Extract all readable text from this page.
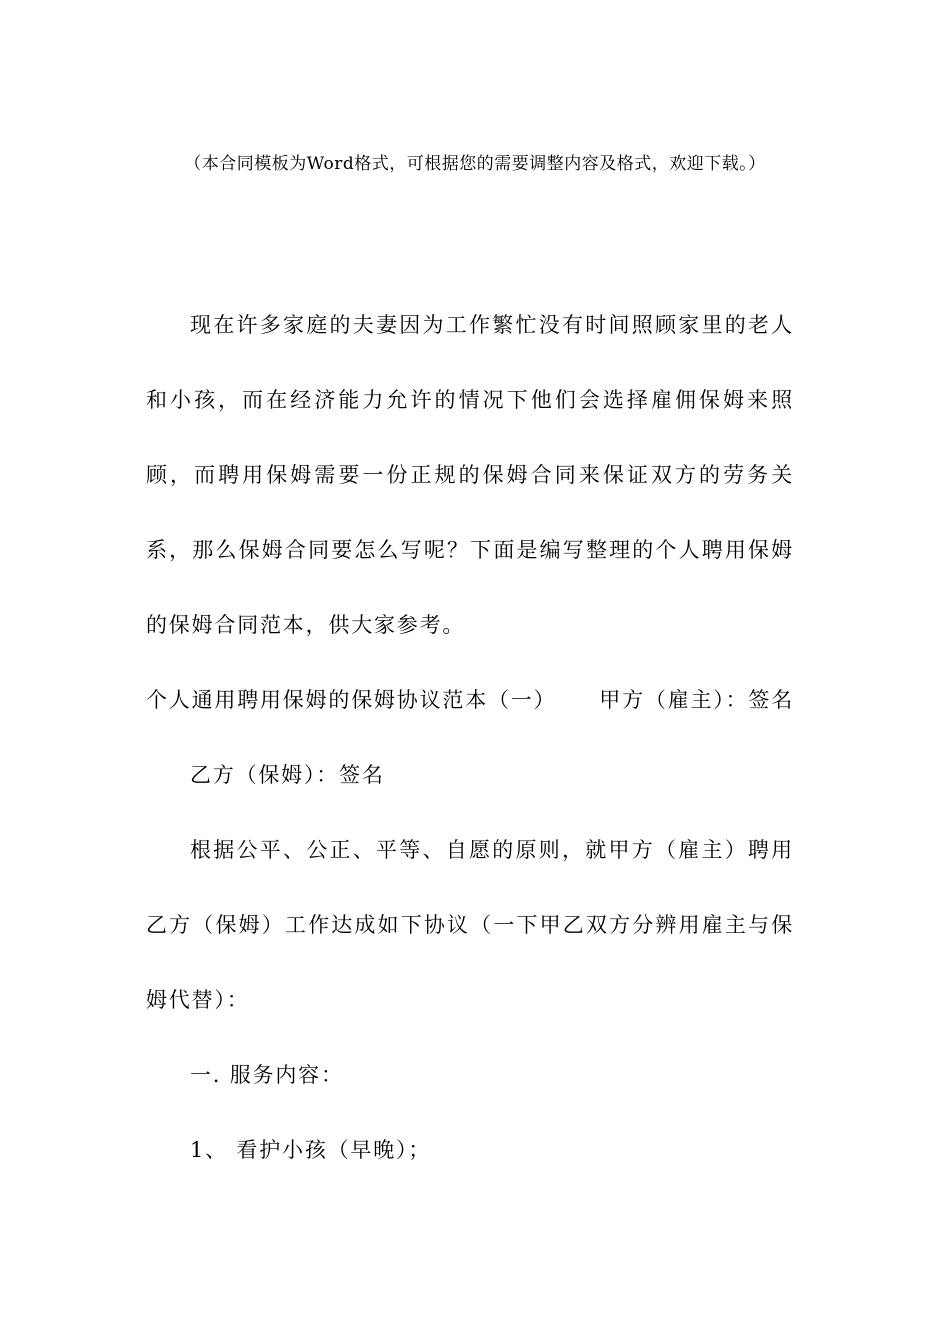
（本合同模板为Word格式，可根据您的需要调整内容及格式，欢迎下载。）

现在许多家庭的夫妻因为工作繁忙没有时间照顾家里的老人和小孩，而在经济能力允许的情况下他们会选择雇佣保姆来照顾，而聘用保姆需要一份正规的保姆合同来保证双方的劳务关系，那么保姆合同要怎么写呢？下面是编写整理的个人聘用保姆的保姆合同范本，供大家参考。

个人通用聘用保姆的保姆协议范本（一） 甲方（雇主）：签名

乙方（保姆）：签名

根据公平、公正、平等、自愿的原则，就甲方（雇主）聘用乙方（保姆）工作达成如下协议（一下甲乙双方分辨用雇主与保姆代替）：

一. 服务内容：

1、 看护小孩（早晚）；
